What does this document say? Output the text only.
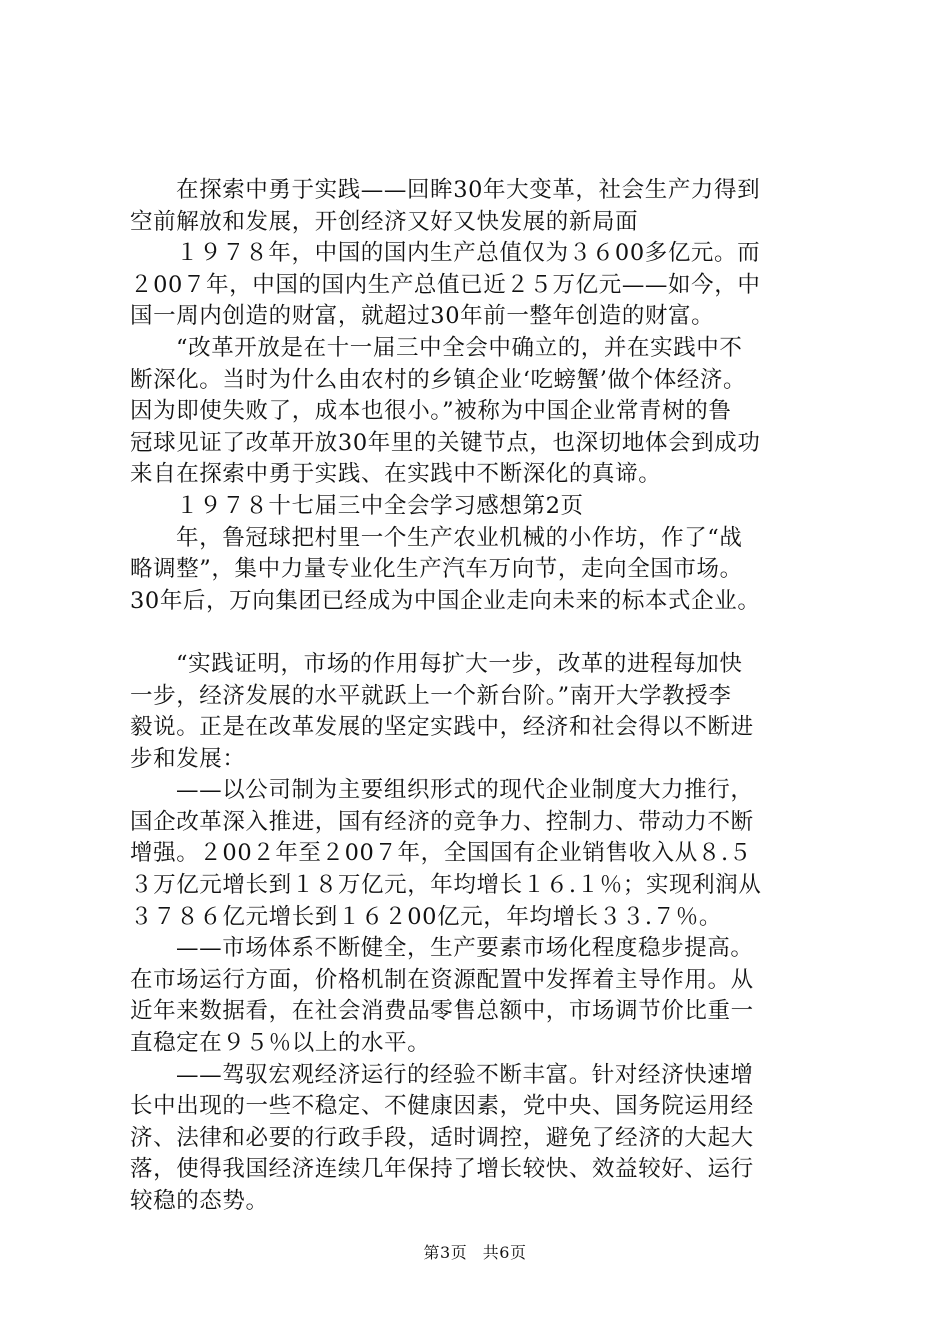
在探索中勇于实践——回眸30年大变革，社会生产力得到
空前解放和发展，开创经济又好又快发展的新局面
１９７８年，中国的国内生产总值仅为３６00多亿元。而
２00７年，中国的国内生产总值已近２５万亿元——如今，中
国一周内创造的财富，就超过30年前一整年创造的财富。
“改革开放是在十一届三中全会中确立的，并在实践中不
断深化。当时为什么由农村的乡镇企业‘吃螃蟹’做个体经济。
因为即使失败了，成本也很小。”被称为中国企业常青树的鲁
冠球见证了改革开放30年里的关键节点，也深切地体会到成功
来自在探索中勇于实践、在实践中不断深化的真谛。
１９７８十七届三中全会学习感想第2页
年，鲁冠球把村里一个生产农业机械的小作坊，作了“战
略调整”，集中力量专业化生产汽车万向节，走向全国市场。
30年后，万向集团已经成为中国企业走向未来的标本式企业。
“实践证明，市场的作用每扩大一步，改革的进程每加快
一步，经济发展的水平就跃上一个新台阶。”南开大学教授李
毅说。正是在改革发展的坚定实践中，经济和社会得以不断进
步和发展：
——以公司制为主要组织形式的现代企业制度大力推行，
国企改革深入推进，国有经济的竞争力、控制力、带动力不断
增强。２00２年至２00７年，全国国有企业销售收入从８.５
３万亿元增长到１８万亿元，年均增长１６.１％；实现利润从
３７８６亿元增长到１６２00亿元，年均增长３３.７％。
——市场体系不断健全，生产要素市场化程度稳步提高。
在市场运行方面，价格机制在资源配置中发挥着主导作用。从
近年来数据看，在社会消费品零售总额中，市场调节价比重一
直稳定在９５％以上的水平。
——驾驭宏观经济运行的经验不断丰富。针对经济快速增
长中出现的一些不稳定、不健康因素，党中央、国务院运用经
济、法律和必要的行政手段，适时调控，避免了经济的大起大
落，使得我国经济连续几年保持了增长较快、效益较好、运行
较稳的态势。
第3页 共6页
